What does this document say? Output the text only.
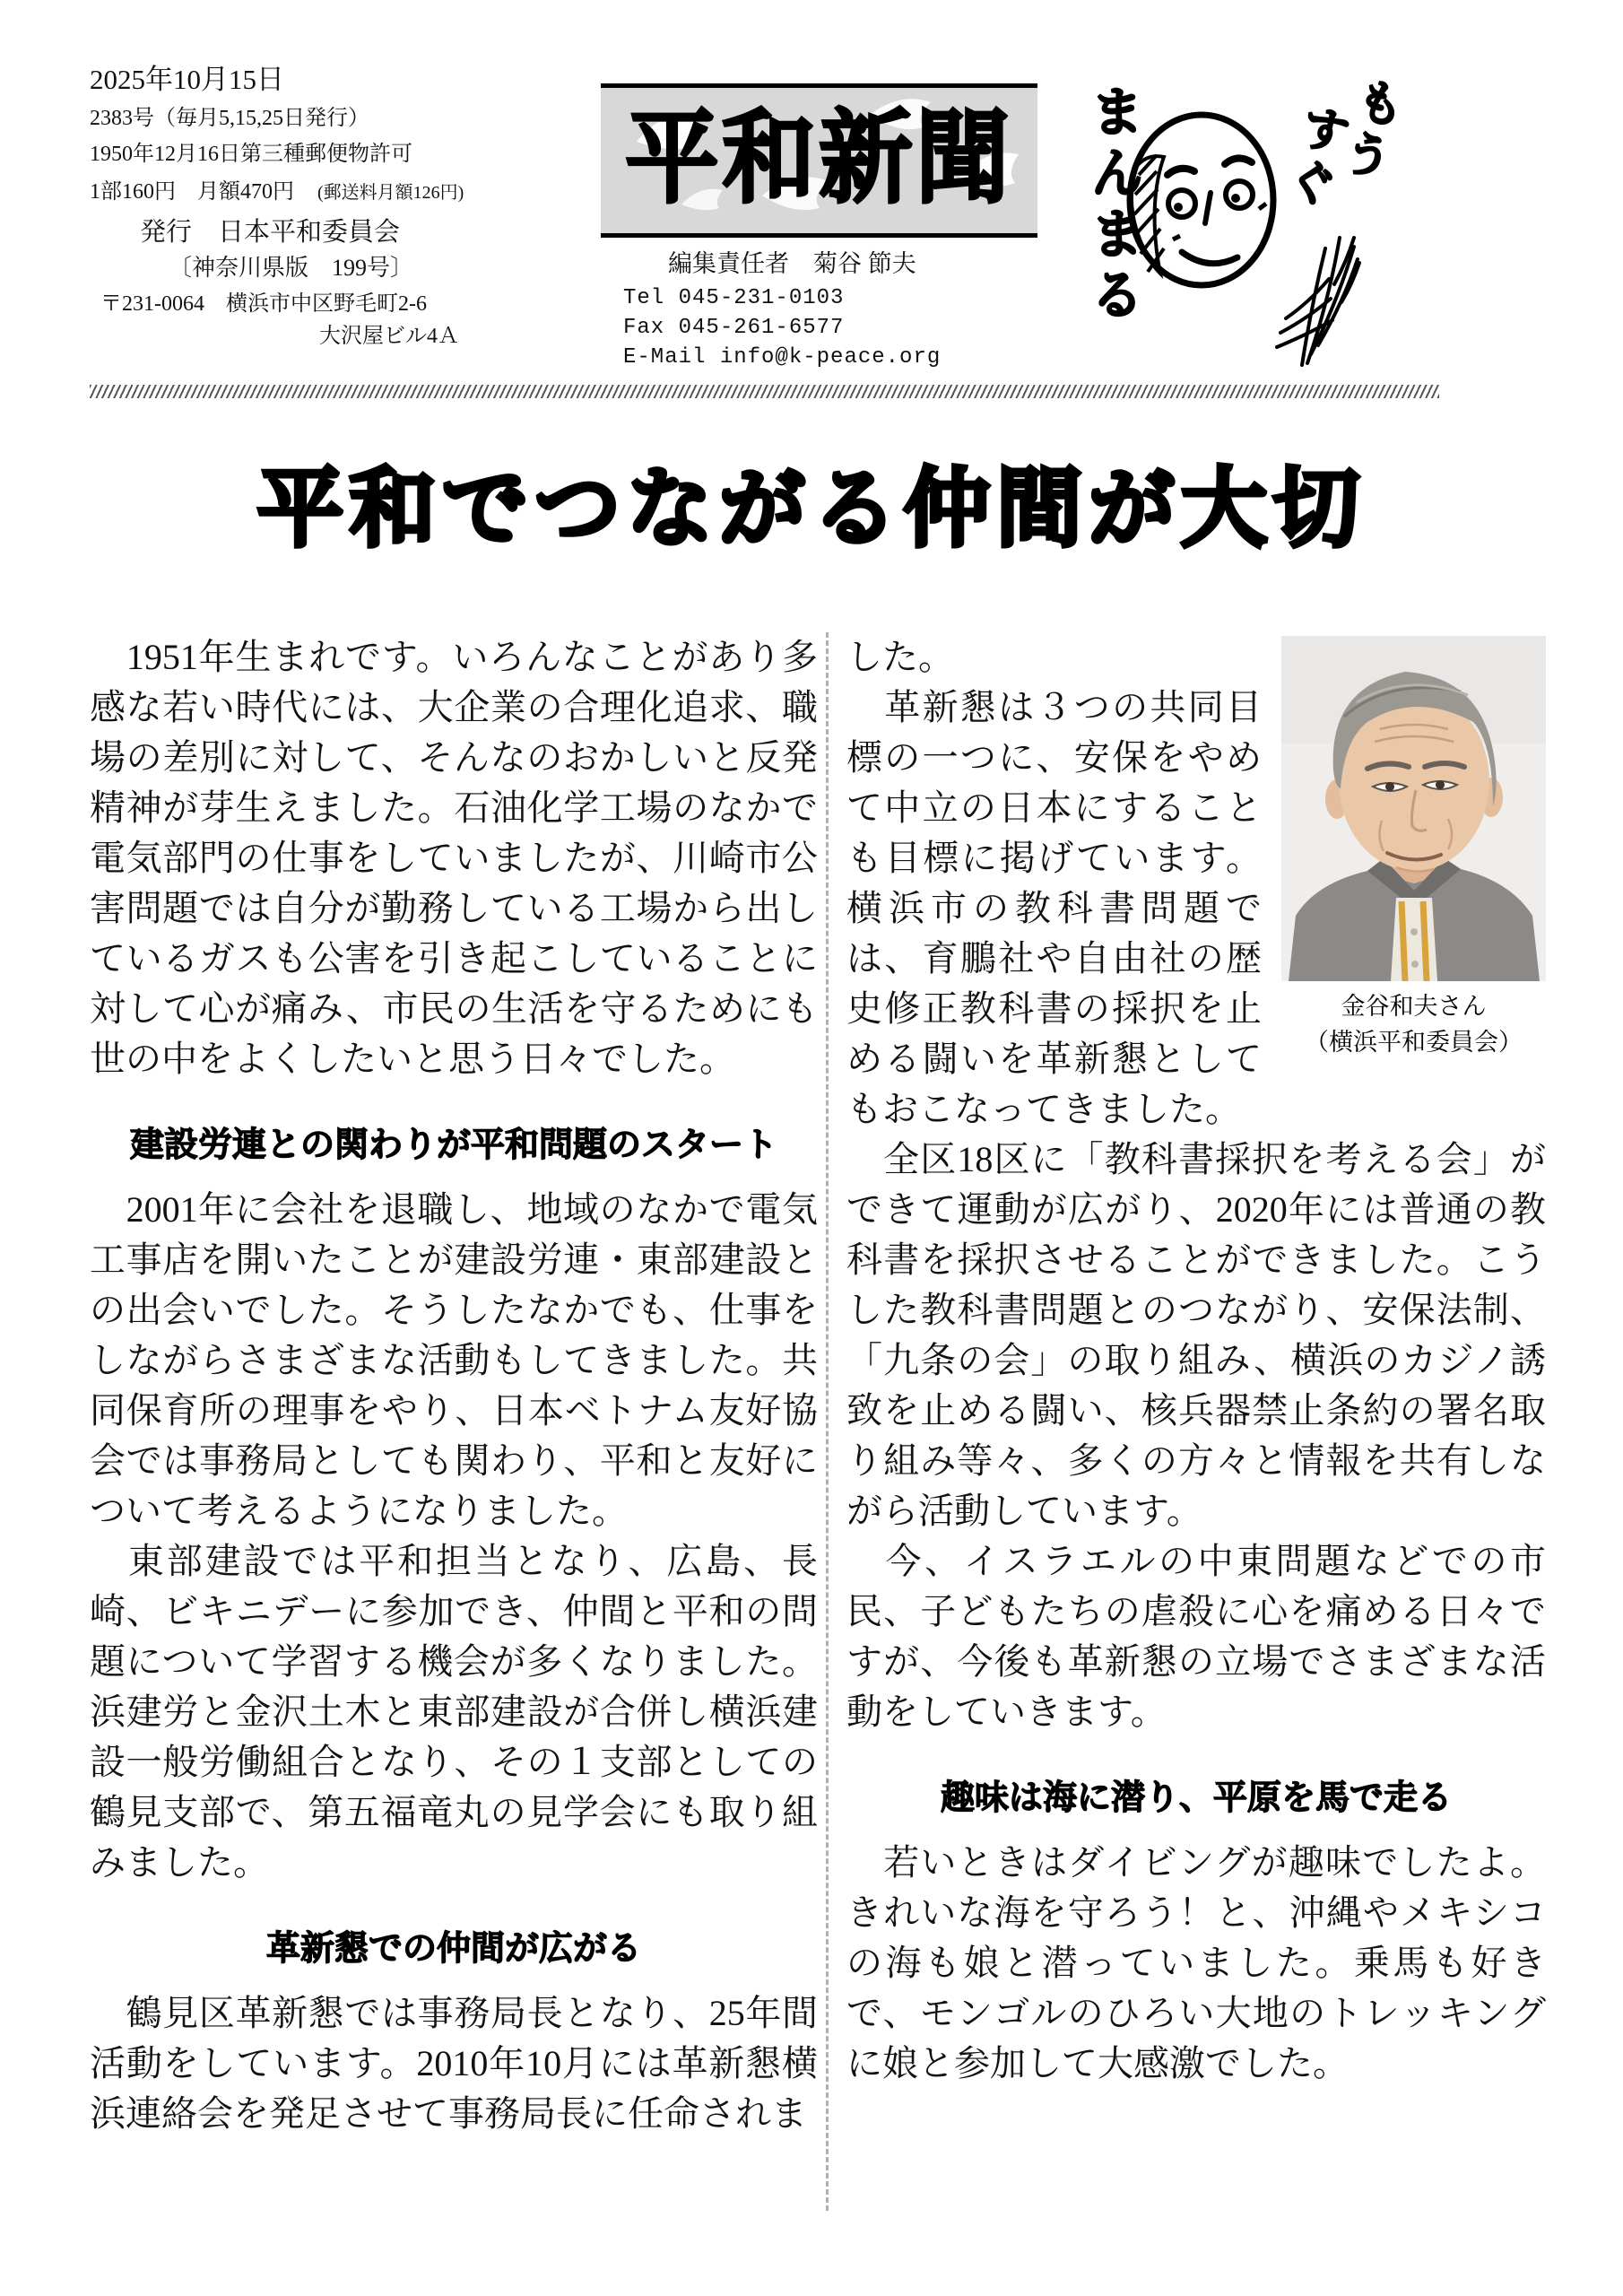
2025年10月15日
2383号（毎月5,15,25日発行）
1950年12月16日第三種郵便物許可
1部160円　月額470円 (郵送料月額126円)
発行　日本平和委員会
〔神奈川県版　199号〕
〒231-0064　横浜市中区野毛町2-6
大沢屋ビル4Ａ
平和新聞
編集責任者　菊谷 節夫
Tel 045-231-0103
Fax 045-261-6577
E-Mail info@k-peace.org
まんまる	もう
すぐ
平和でつながる仲間が大切

　1951年生まれです。いろんなことがあり多感な若い時代には、大企業の合理化追求、職場の差別に対して、そんなのおかしいと反発精神が芽生えました。石油化学工場のなかで電気部門の仕事をしていましたが、川崎市公害問題では自分が勤務している工場から出しているガスも公害を引き起こしていることに対して心が痛み、市民の生活を守るためにも世の中をよくしたいと思う日々でした。

建設労連との関わりが平和問題のスタート

　2001年に会社を退職し、地域のなかで電気工事店を開いたことが建設労連・東部建設との出会いでした。そうしたなかでも、仕事をしながらさまざまな活動もしてきました。共同保育所の理事をやり、日本ベトナム友好協会では事務局としても関わり、平和と友好について考えるようになりました。

　東部建設では平和担当となり、広島、長崎、ビキニデーに参加でき、仲間と平和の問題について学習する機会が多くなりました。浜建労と金沢土木と東部建設が合併し横浜建設一般労働組合となり、その１支部としての鶴見支部で、第五福竜丸の見学会にも取り組みました。

革新懇での仲間が広がる

　鶴見区革新懇では事務局長となり、25年間活動をしています。2010年10月には革新懇横浜連絡会を発足させて事務局長に任命されま

金谷和夫さん
（横浜平和委員会）

した。

　革新懇は３つの共同目標の一つに、安保をやめて中立の日本にすることも目標に掲げています。横浜市の教科書問題では、育鵬社や自由社の歴史修正教科書の採択を止める闘いを革新懇としてもおこなってきました。

　全区18区に「教科書採択を考える会」ができて運動が広がり、2020年には普通の教科書を採択させることができました。こうした教科書問題とのつながり、安保法制、「九条の会」の取り組み、横浜のカジノ誘致を止める闘い、核兵器禁止条約の署名取り組み等々、多くの方々と情報を共有しながら活動しています。

　今、イスラエルの中東問題などでの市民、子どもたちの虐殺に心を痛める日々ですが、今後も革新懇の立場でさまざまな活動をしていきます。

趣味は海に潜り、平原を馬で走る

　若いときはダイビングが趣味でしたよ。きれいな海を守ろう！と、沖縄やメキシコの海も娘と潜っていました。乗馬も好きで、モンゴルのひろい大地のトレッキングに娘と参加して大感激でした。
